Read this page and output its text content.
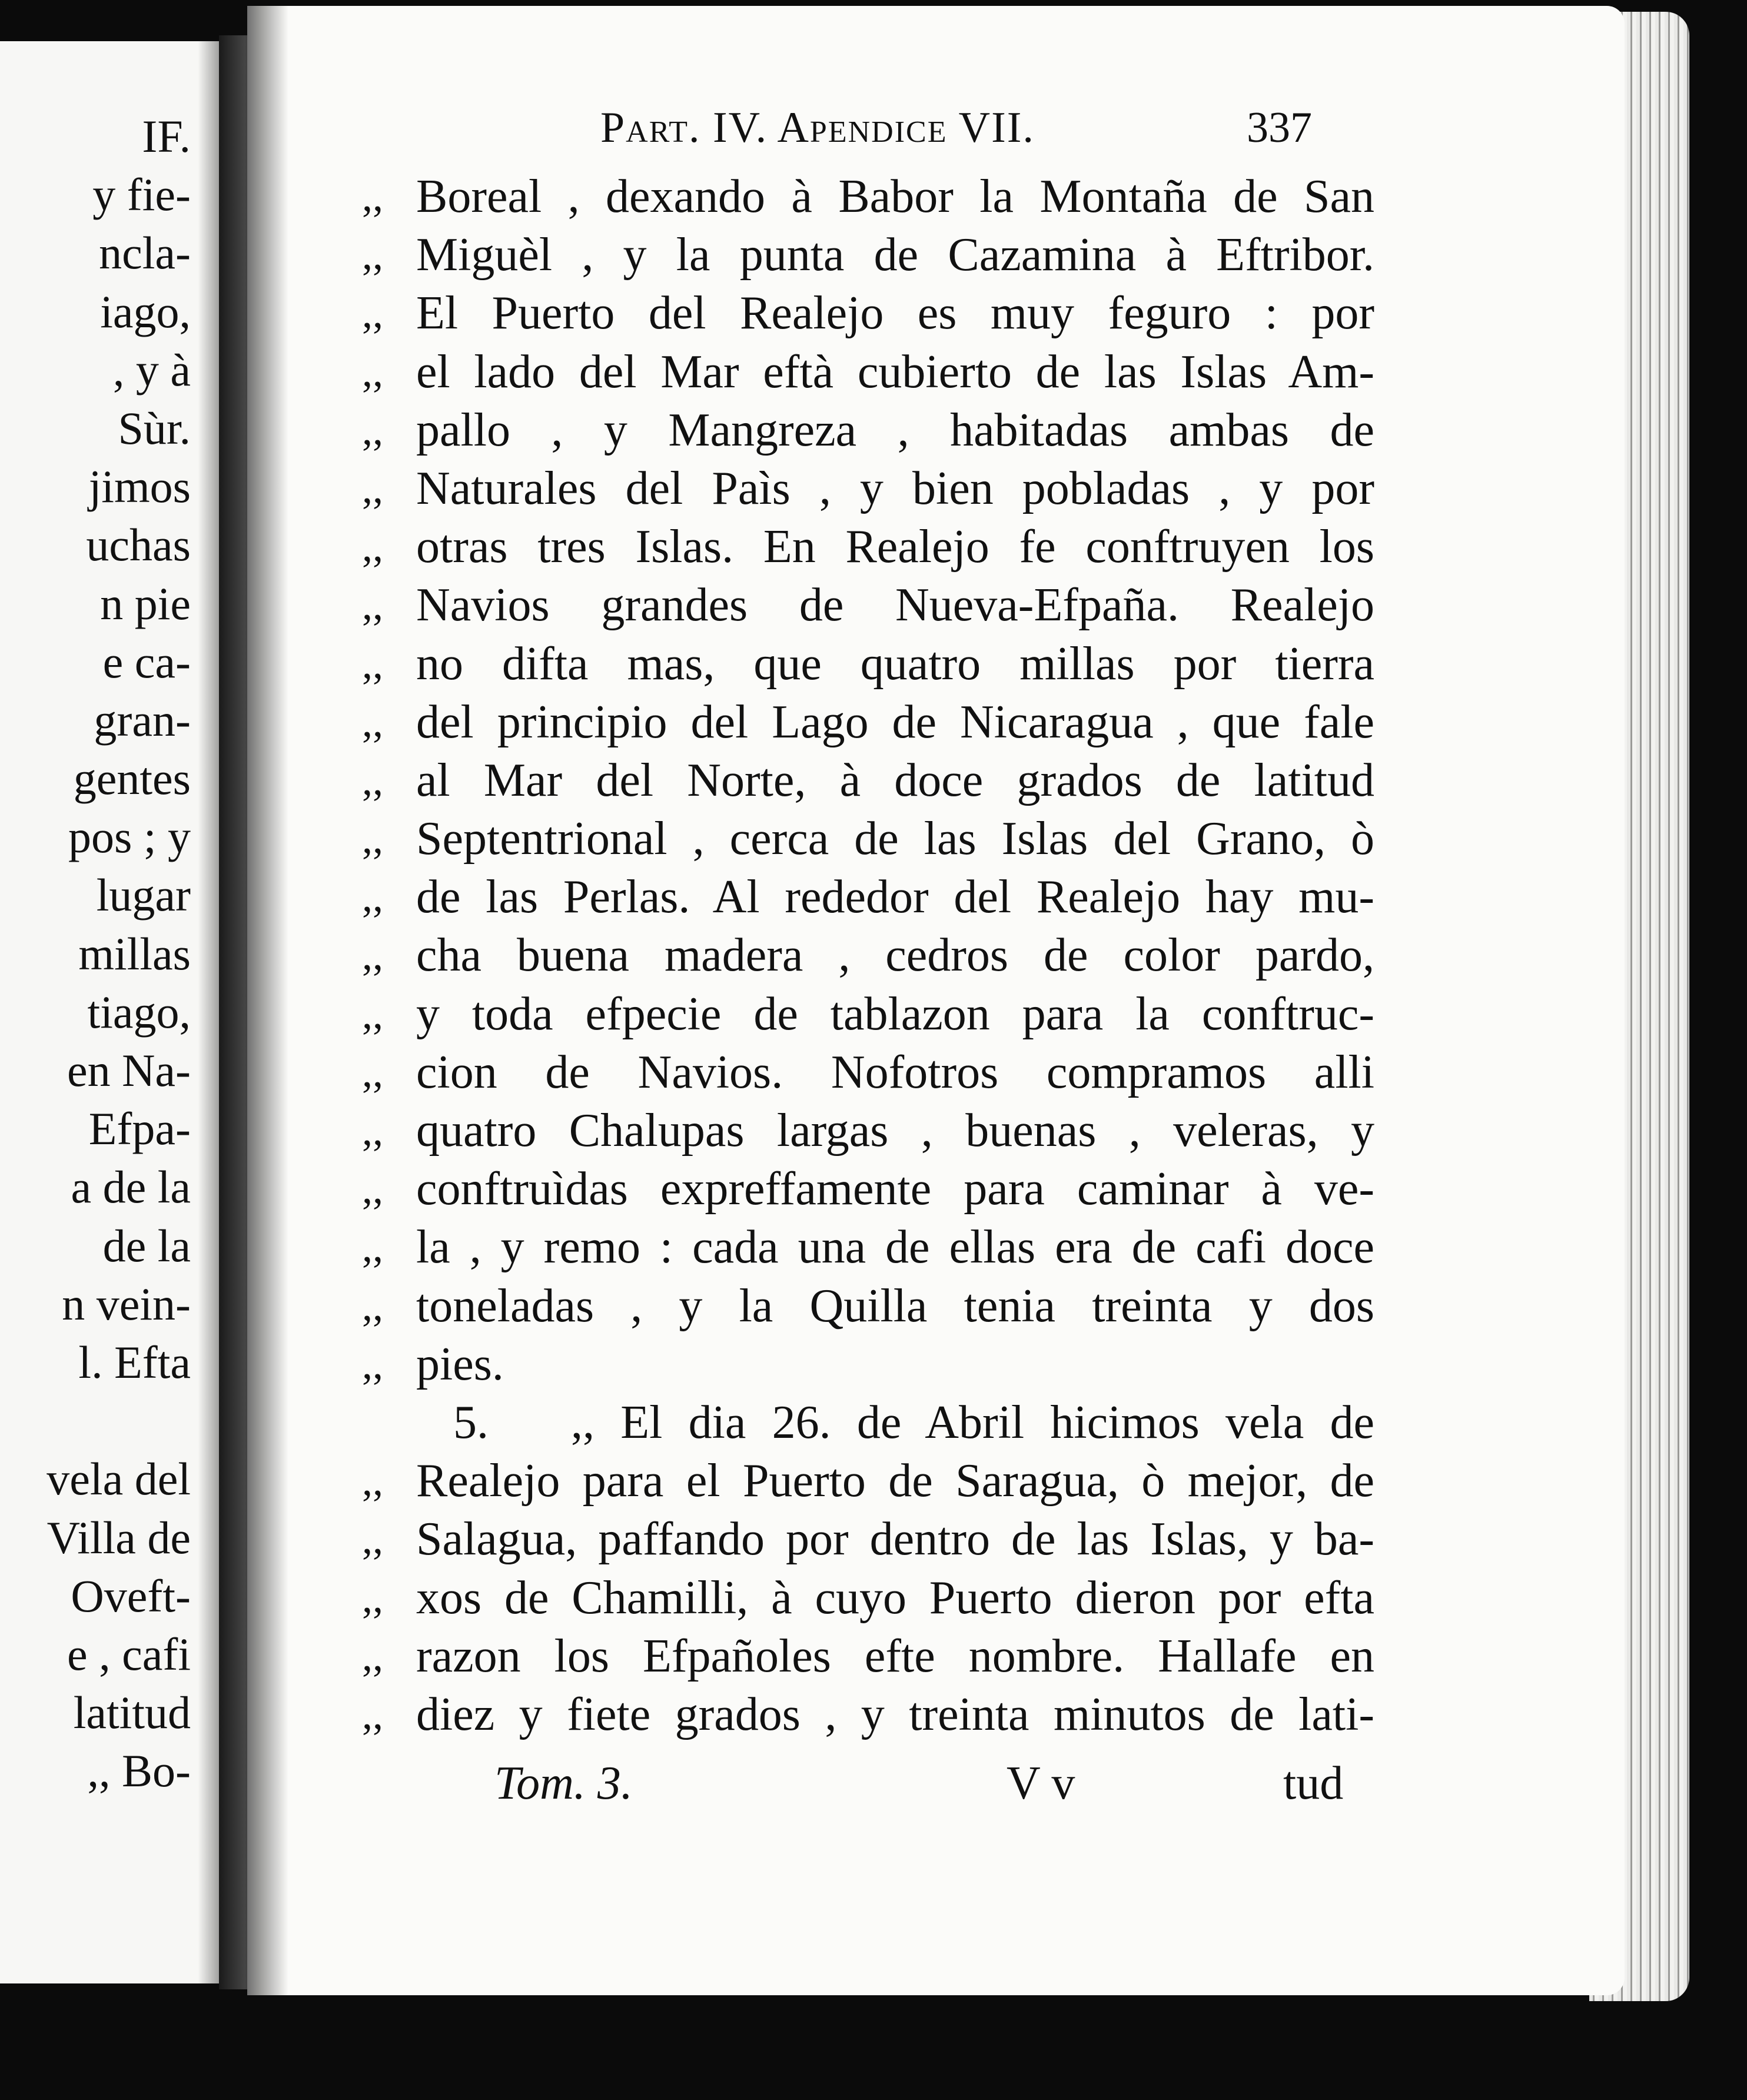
IF.
y fie-
ncla-
iago,
, y à
Sùr.
jimos
uchas
n pie
e ca-
gran-
gentes
pos ; y
lugar
millas
tiago,
en Na-
Efpa-
a de la
de la
n vein-
l. Efta
vela del
Villa de
Oveft-
e , cafi
latitud
,, Bo-
Part. IV. Apendice VII.	337
,, Boreal , dexando à Babor la Montaña de San
,, Miguèl , y la punta de Cazamina à Eftribor.
,, El Puerto del Realejo es muy feguro : por
,, el lado del Mar eftà cubierto de las Islas Am-
,, pallo , y Mangreza , habitadas ambas de
,, Naturales del Paìs , y bien pobladas , y por
,, otras tres Islas. En Realejo fe conftruyen los
,, Navios grandes de Nueva-Efpaña. Realejo
,, no difta mas, que quatro millas por tierra
,, del principio del Lago de Nicaragua , que fale
,, al Mar del Norte, à doce grados de latitud
,, Septentrional , cerca de las Islas del Grano, ò
,, de las Perlas. Al rededor del Realejo hay mu-
,, cha buena madera , cedros de color pardo,
,, y toda efpecie de tablazon para la conftruc-
,, cion de Navios. Nofotros compramos alli
,, quatro Chalupas largas , buenas , veleras, y
,, conftruìdas expreffamente para caminar à ve-
,, la , y remo : cada una de ellas era de cafi doce
,, toneladas , y la Quilla tenia treinta y dos
,, pies.
5. ,, El dia 26. de Abril hicimos vela de
,, Realejo para el Puerto de Saragua, ò mejor, de
,, Salagua, paffando por dentro de las Islas, y ba-
,, xos de Chamilli, à cuyo Puerto dieron por efta
,, razon los Efpañoles efte nombre. Hallafe en
,, diez y fiete grados , y treinta minutos de lati-
Tom. 3.	V v	tud
